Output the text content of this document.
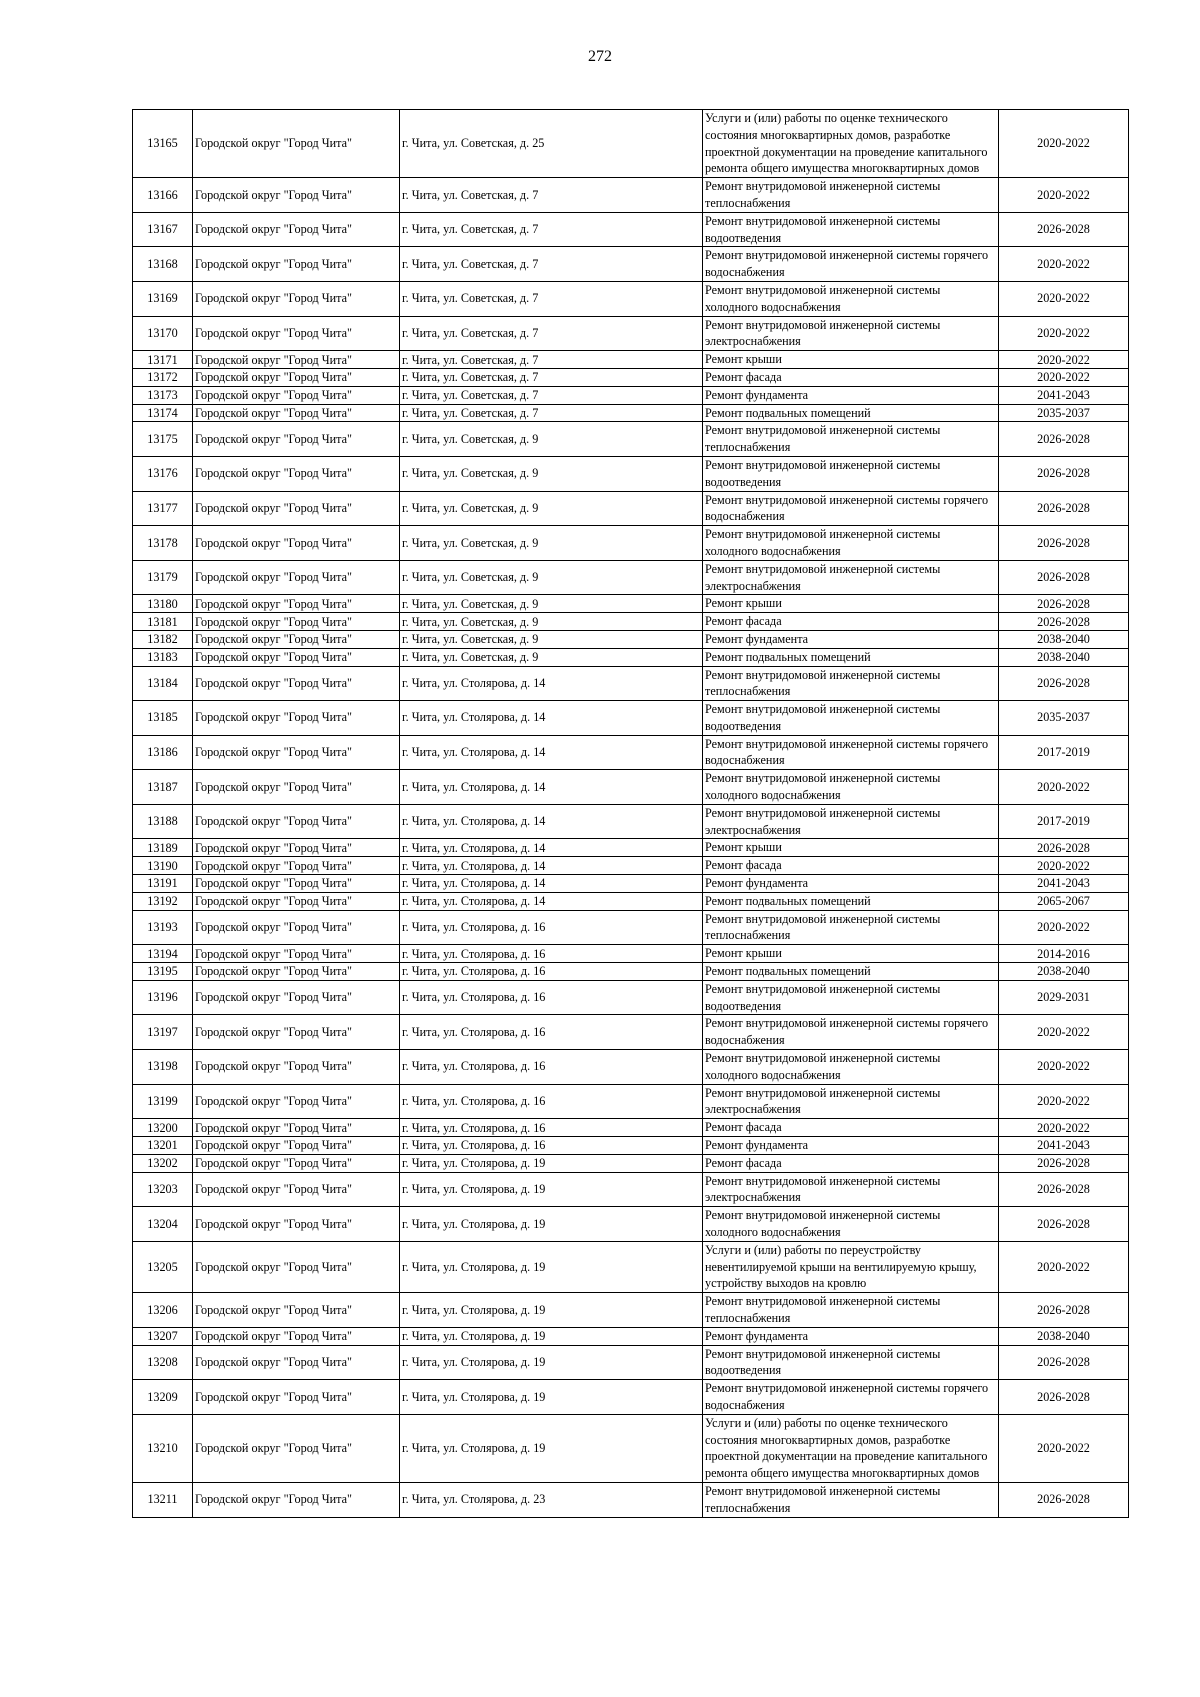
272
13165	Городской округ "Город Чита"	г. Чита, ул. Советская, д. 25	Услуги и (или) работы по оценке технического состояния многоквартирных домов, разработке проектной документации на проведение капитального ремонта общего имущества многоквартирных домов	2020-2022
13166	Городской округ "Город Чита"	г. Чита, ул. Советская, д. 7	Ремонт внутридомовой инженерной системы теплоснабжения	2020-2022
13167	Городской округ "Город Чита"	г. Чита, ул. Советская, д. 7	Ремонт внутридомовой инженерной системы водоотведения	2026-2028
13168	Городской округ "Город Чита"	г. Чита, ул. Советская, д. 7	Ремонт внутридомовой инженерной системы горячего водоснабжения	2020-2022
13169	Городской округ "Город Чита"	г. Чита, ул. Советская, д. 7	Ремонт внутридомовой инженерной системы холодного водоснабжения	2020-2022
13170	Городской округ "Город Чита"	г. Чита, ул. Советская, д. 7	Ремонт внутридомовой инженерной системы электроснабжения	2020-2022
13171	Городской округ "Город Чита"	г. Чита, ул. Советская, д. 7	Ремонт крыши	2020-2022
13172	Городской округ "Город Чита"	г. Чита, ул. Советская, д. 7	Ремонт фасада	2020-2022
13173	Городской округ "Город Чита"	г. Чита, ул. Советская, д. 7	Ремонт фундамента	2041-2043
13174	Городской округ "Город Чита"	г. Чита, ул. Советская, д. 7	Ремонт подвальных помещений	2035-2037
13175	Городской округ "Город Чита"	г. Чита, ул. Советская, д. 9	Ремонт внутридомовой инженерной системы теплоснабжения	2026-2028
13176	Городской округ "Город Чита"	г. Чита, ул. Советская, д. 9	Ремонт внутридомовой инженерной системы водоотведения	2026-2028
13177	Городской округ "Город Чита"	г. Чита, ул. Советская, д. 9	Ремонт внутридомовой инженерной системы горячего водоснабжения	2026-2028
13178	Городской округ "Город Чита"	г. Чита, ул. Советская, д. 9	Ремонт внутридомовой инженерной системы холодного водоснабжения	2026-2028
13179	Городской округ "Город Чита"	г. Чита, ул. Советская, д. 9	Ремонт внутридомовой инженерной системы электроснабжения	2026-2028
13180	Городской округ "Город Чита"	г. Чита, ул. Советская, д. 9	Ремонт крыши	2026-2028
13181	Городской округ "Город Чита"	г. Чита, ул. Советская, д. 9	Ремонт фасада	2026-2028
13182	Городской округ "Город Чита"	г. Чита, ул. Советская, д. 9	Ремонт фундамента	2038-2040
13183	Городской округ "Город Чита"	г. Чита, ул. Советская, д. 9	Ремонт подвальных помещений	2038-2040
13184	Городской округ "Город Чита"	г. Чита, ул. Столярова, д. 14	Ремонт внутридомовой инженерной системы теплоснабжения	2026-2028
13185	Городской округ "Город Чита"	г. Чита, ул. Столярова, д. 14	Ремонт внутридомовой инженерной системы водоотведения	2035-2037
13186	Городской округ "Город Чита"	г. Чита, ул. Столярова, д. 14	Ремонт внутридомовой инженерной системы горячего водоснабжения	2017-2019
13187	Городской округ "Город Чита"	г. Чита, ул. Столярова, д. 14	Ремонт внутридомовой инженерной системы холодного водоснабжения	2020-2022
13188	Городской округ "Город Чита"	г. Чита, ул. Столярова, д. 14	Ремонт внутридомовой инженерной системы электроснабжения	2017-2019
13189	Городской округ "Город Чита"	г. Чита, ул. Столярова, д. 14	Ремонт крыши	2026-2028
13190	Городской округ "Город Чита"	г. Чита, ул. Столярова, д. 14	Ремонт фасада	2020-2022
13191	Городской округ "Город Чита"	г. Чита, ул. Столярова, д. 14	Ремонт фундамента	2041-2043
13192	Городской округ "Город Чита"	г. Чита, ул. Столярова, д. 14	Ремонт подвальных помещений	2065-2067
13193	Городской округ "Город Чита"	г. Чита, ул. Столярова, д. 16	Ремонт внутридомовой инженерной системы теплоснабжения	2020-2022
13194	Городской округ "Город Чита"	г. Чита, ул. Столярова, д. 16	Ремонт крыши	2014-2016
13195	Городской округ "Город Чита"	г. Чита, ул. Столярова, д. 16	Ремонт подвальных помещений	2038-2040
13196	Городской округ "Город Чита"	г. Чита, ул. Столярова, д. 16	Ремонт внутридомовой инженерной системы водоотведения	2029-2031
13197	Городской округ "Город Чита"	г. Чита, ул. Столярова, д. 16	Ремонт внутридомовой инженерной системы горячего водоснабжения	2020-2022
13198	Городской округ "Город Чита"	г. Чита, ул. Столярова, д. 16	Ремонт внутридомовой инженерной системы холодного водоснабжения	2020-2022
13199	Городской округ "Город Чита"	г. Чита, ул. Столярова, д. 16	Ремонт внутридомовой инженерной системы электроснабжения	2020-2022
13200	Городской округ "Город Чита"	г. Чита, ул. Столярова, д. 16	Ремонт фасада	2020-2022
13201	Городской округ "Город Чита"	г. Чита, ул. Столярова, д. 16	Ремонт фундамента	2041-2043
13202	Городской округ "Город Чита"	г. Чита, ул. Столярова, д. 19	Ремонт фасада	2026-2028
13203	Городской округ "Город Чита"	г. Чита, ул. Столярова, д. 19	Ремонт внутридомовой инженерной системы электроснабжения	2026-2028
13204	Городской округ "Город Чита"	г. Чита, ул. Столярова, д. 19	Ремонт внутридомовой инженерной системы холодного водоснабжения	2026-2028
13205	Городской округ "Город Чита"	г. Чита, ул. Столярова, д. 19	Услуги и (или) работы по переустройству невентилируемой крыши на вентилируемую крышу, устройству выходов на кровлю	2020-2022
13206	Городской округ "Город Чита"	г. Чита, ул. Столярова, д. 19	Ремонт внутридомовой инженерной системы теплоснабжения	2026-2028
13207	Городской округ "Город Чита"	г. Чита, ул. Столярова, д. 19	Ремонт фундамента	2038-2040
13208	Городской округ "Город Чита"	г. Чита, ул. Столярова, д. 19	Ремонт внутридомовой инженерной системы водоотведения	2026-2028
13209	Городской округ "Город Чита"	г. Чита, ул. Столярова, д. 19	Ремонт внутридомовой инженерной системы горячего водоснабжения	2026-2028
13210	Городской округ "Город Чита"	г. Чита, ул. Столярова, д. 19	Услуги и (или) работы по оценке технического состояния многоквартирных домов, разработке проектной документации на проведение капитального ремонта общего имущества многоквартирных домов	2020-2022
13211	Городской округ "Город Чита"	г. Чита, ул. Столярова, д. 23	Ремонт внутридомовой инженерной системы теплоснабжения	2026-2028
